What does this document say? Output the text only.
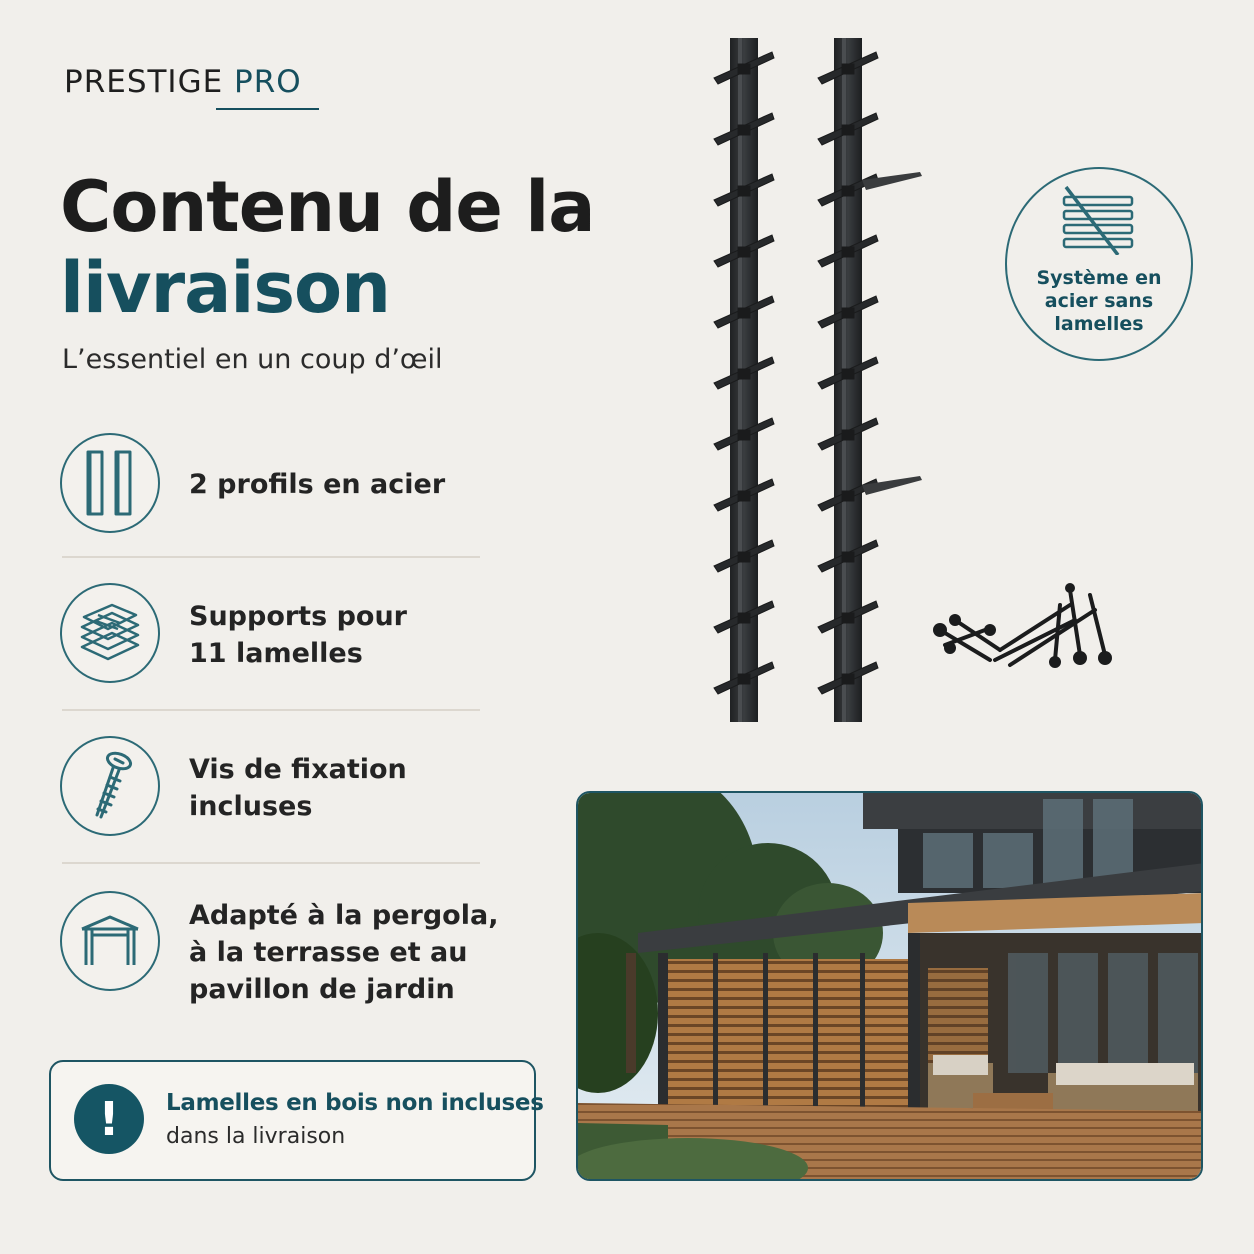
PRESTIGE PRO
Contenu de la
livraison
L’essentiel en un coup d’œil
2 profils en acier
Supports pour
11 lamelles
Vis de fixation
incluses
Adapté à la pergola,
à la terrasse et au
pavillon de jardin
!	Lamelles en bois non incluses
dans la livraison
Système en
acier sans
lamelles
